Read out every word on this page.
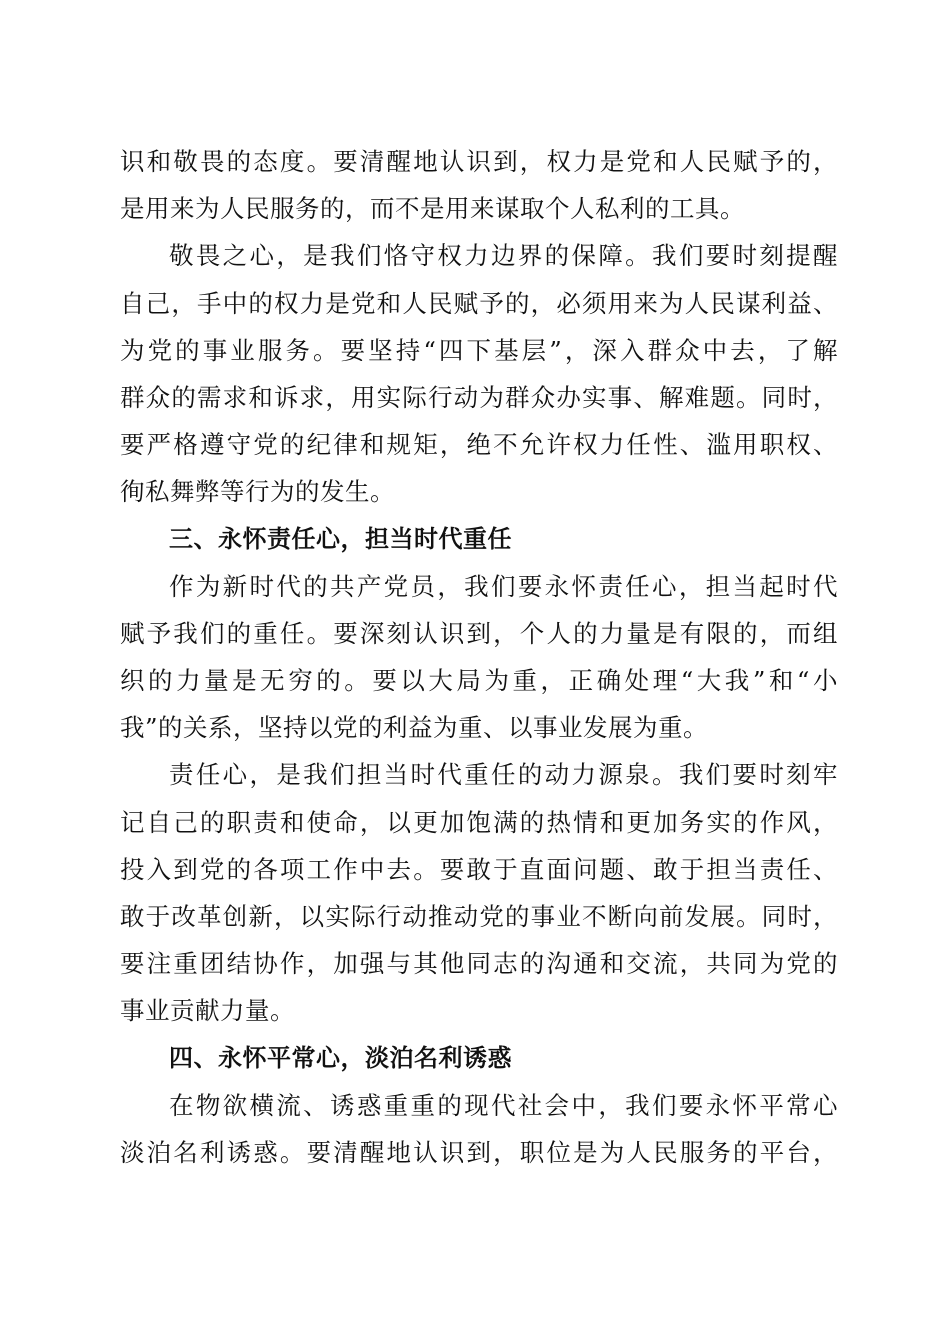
识和敬畏的态度。要清醒地认识到，权力是党和人民赋予的，
是用来为人民服务的，而不是用来谋取个人私利的工具。
敬畏之心，是我们恪守权力边界的保障。我们要时刻提醒
自己，手中的权力是党和人民赋予的，必须用来为人民谋利益、
为党的事业服务。要坚持“四下基层”，深入群众中去，了解
群众的需求和诉求，用实际行动为群众办实事、解难题。同时，
要严格遵守党的纪律和规矩，绝不允许权力任性、滥用职权、
徇私舞弊等行为的发生。
三、永怀责任心，担当时代重任
作为新时代的共产党员，我们要永怀责任心，担当起时代
赋予我们的重任。要深刻认识到，个人的力量是有限的，而组
织的力量是无穷的。要以大局为重，正确处理“大我”和“小
我”的关系，坚持以党的利益为重、以事业发展为重。
责任心，是我们担当时代重任的动力源泉。我们要时刻牢
记自己的职责和使命，以更加饱满的热情和更加务实的作风，
投入到党的各项工作中去。要敢于直面问题、敢于担当责任、
敢于改革创新，以实际行动推动党的事业不断向前发展。同时，
要注重团结协作，加强与其他同志的沟通和交流，共同为党的
事业贡献力量。
四、永怀平常心，淡泊名利诱惑
在物欲横流、诱惑重重的现代社会中，我们要永怀平常心
淡泊名利诱惑。要清醒地认识到，职位是为人民服务的平台，
